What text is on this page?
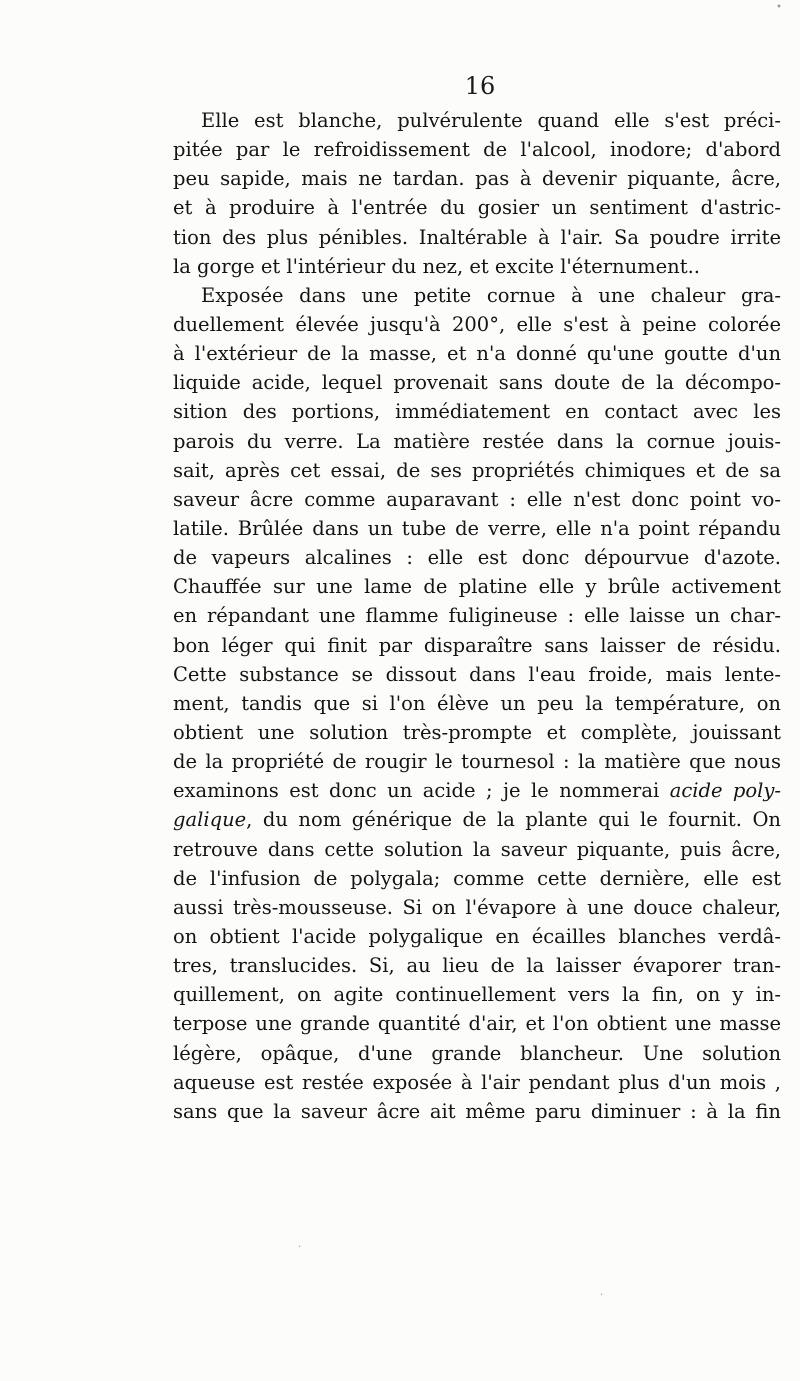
16
Elle est blanche, pulvérulente quand elle s'est préci-
pitée par le refroidissement de l'alcool, inodore; d'abord
peu sapide, mais ne tardan. pas à devenir piquante, âcre,
et à produire à l'entrée du gosier un sentiment d'astric-
tion des plus pénibles. Inaltérable à l'air. Sa poudre irrite
la gorge et l'intérieur du nez, et excite l'éternument..
Exposée dans une petite cornue à une chaleur gra-
duellement élevée jusqu'à 200°, elle s'est à peine colorée
à l'extérieur de la masse, et n'a donné qu'une goutte d'un
liquide acide, lequel provenait sans doute de la décompo-
sition des portions, immédiatement en contact avec les
parois du verre. La matière restée dans la cornue jouis-
sait, après cet essai, de ses propriétés chimiques et de sa
saveur âcre comme auparavant : elle n'est donc point vo-
latile. Brûlée dans un tube de verre, elle n'a point répandu
de vapeurs alcalines : elle est donc dépourvue d'azote.
Chauffée sur une lame de platine elle y brûle activement
en répandant une flamme fuligineuse : elle laisse un char-
bon léger qui finit par disparaître sans laisser de résidu.
Cette substance se dissout dans l'eau froide, mais lente-
ment, tandis que si l'on élève un peu la température, on
obtient une solution très-prompte et complète, jouissant
de la propriété de rougir le tournesol : la matière que nous
examinons est donc un acide ; je le nommerai acide poly-
galique, du nom générique de la plante qui le fournit. On
retrouve dans cette solution la saveur piquante, puis âcre,
de l'infusion de polygala; comme cette dernière, elle est
aussi très-mousseuse. Si on l'évapore à une douce chaleur,
on obtient l'acide polygalique en écailles blanches verdâ-
tres, translucides. Si, au lieu de la laisser évaporer tran-
quillement, on agite continuellement vers la fin, on y in-
terpose une grande quantité d'air, et l'on obtient une masse
légère, opâque, d'une grande blancheur. Une solution
aqueuse est restée exposée à l'air pendant plus d'un mois ,
sans que la saveur âcre ait même paru diminuer : à la fin
•
·
·
